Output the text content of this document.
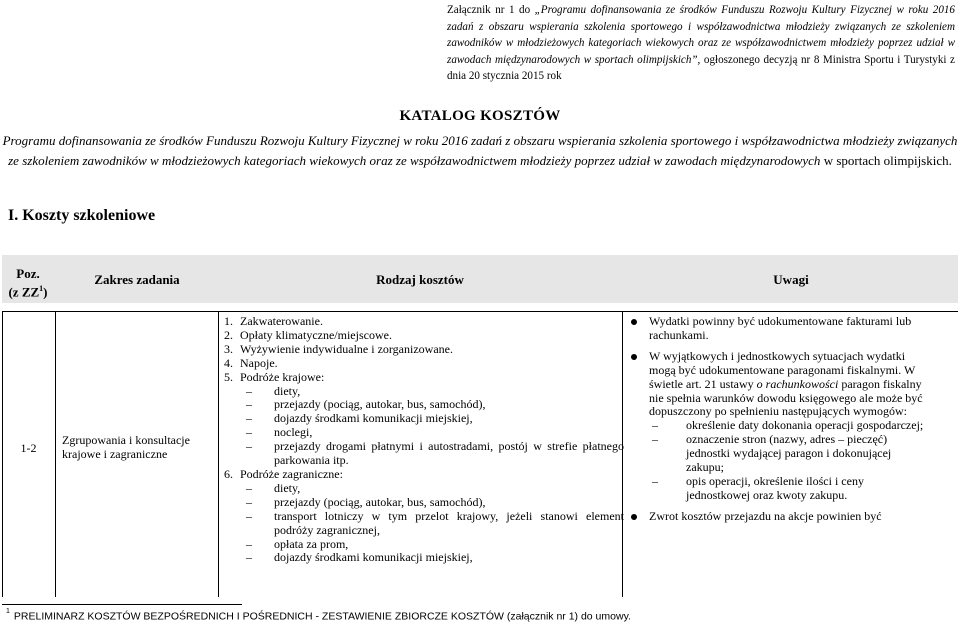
Załącznik nr 1 do „Programu dofinansowania ze środków Funduszu Rozwoju Kultury Fizycznej w roku 2016 zadań z obszaru wspierania szkolenia sportowego i współzawodnictwa młodzieży związanych ze szkoleniem zawodników w młodzieżowych kategoriach wiekowych oraz ze współzawodnictwem młodzieży poprzez udział w zawodach międzynarodowych w sportach olimpijskich”, ogłoszonego decyzją nr 8 Ministra Sportu i Turystyki z dnia 20 stycznia 2015 rok
KATALOG KOSZTÓW
Programu dofinansowania ze środków Funduszu Rozwoju Kultury Fizycznej w roku 2016 zadań z obszaru wspierania szkolenia sportowego i współzawodnictwa młodzieży związanych ze szkoleniem zawodników w młodzieżowych kategoriach wiekowych oraz ze współzawodnictwem młodzieży poprzez udział w zawodach międzynarodowych w sportach olimpijskich.
I. Koszty szkoleniowe
Poz.
(z $ZZ^1$)
Zakres zadania	Rodzaj kosztów	Uwagi
1-2
Zgrupowania i konsultacje krajowe i zagraniczne
1. Zakwaterowanie.
2. Opłaty klimatyczne/miejscowe.
3. Wyżywienie indywidualne i zorganizowane.
4. Napoje.
5. Podróże krajowe:
– diety,
– przejazdy (pociąg, autokar, bus, samochód),
– dojazdy środkami komunikacji miejskiej,
– noclegi,
– przejazdy drogami płatnymi i autostradami, postój w strefie płatnego parkowania itp.
6. Podróże zagraniczne:
– diety,
– przejazdy (pociąg, autokar, bus, samochód),
– transport lotniczy w tym przelot krajowy, jeżeli stanowi element podróży zagranicznej,
– opłata za prom,
– dojazdy środkami komunikacji miejskiej,
Wydatki powinny być udokumentowane fakturami lub rachunkami.
W wyjątkowych i jednostkowych sytuacjach wydatki mogą być udokumentowane paragonami fiskalnymi. W świetle art. 21 ustawy o rachunkowości paragon fiskalny nie spełnia warunków dowodu księgowego ale może być dopuszczony po spełnieniu następujących wymogów:
– określenie daty dokonania operacji gospodarczej;
– oznaczenie stron (nazwy, adres – pieczęć) jednostki wydającej paragon i dokonującej zakupu;
– opis operacji, określenie ilości i ceny jednostkowej oraz kwoty zakupu.
Zwrot kosztów przejazdu na akcje powinien być
$^1$ PRELIMINARZ KOSZTÓW BEZPOŚREDNICH I POŚREDNICH - ZESTAWIENIE ZBIORCZE KOSZTÓW (załącznik nr 1) do umowy.
